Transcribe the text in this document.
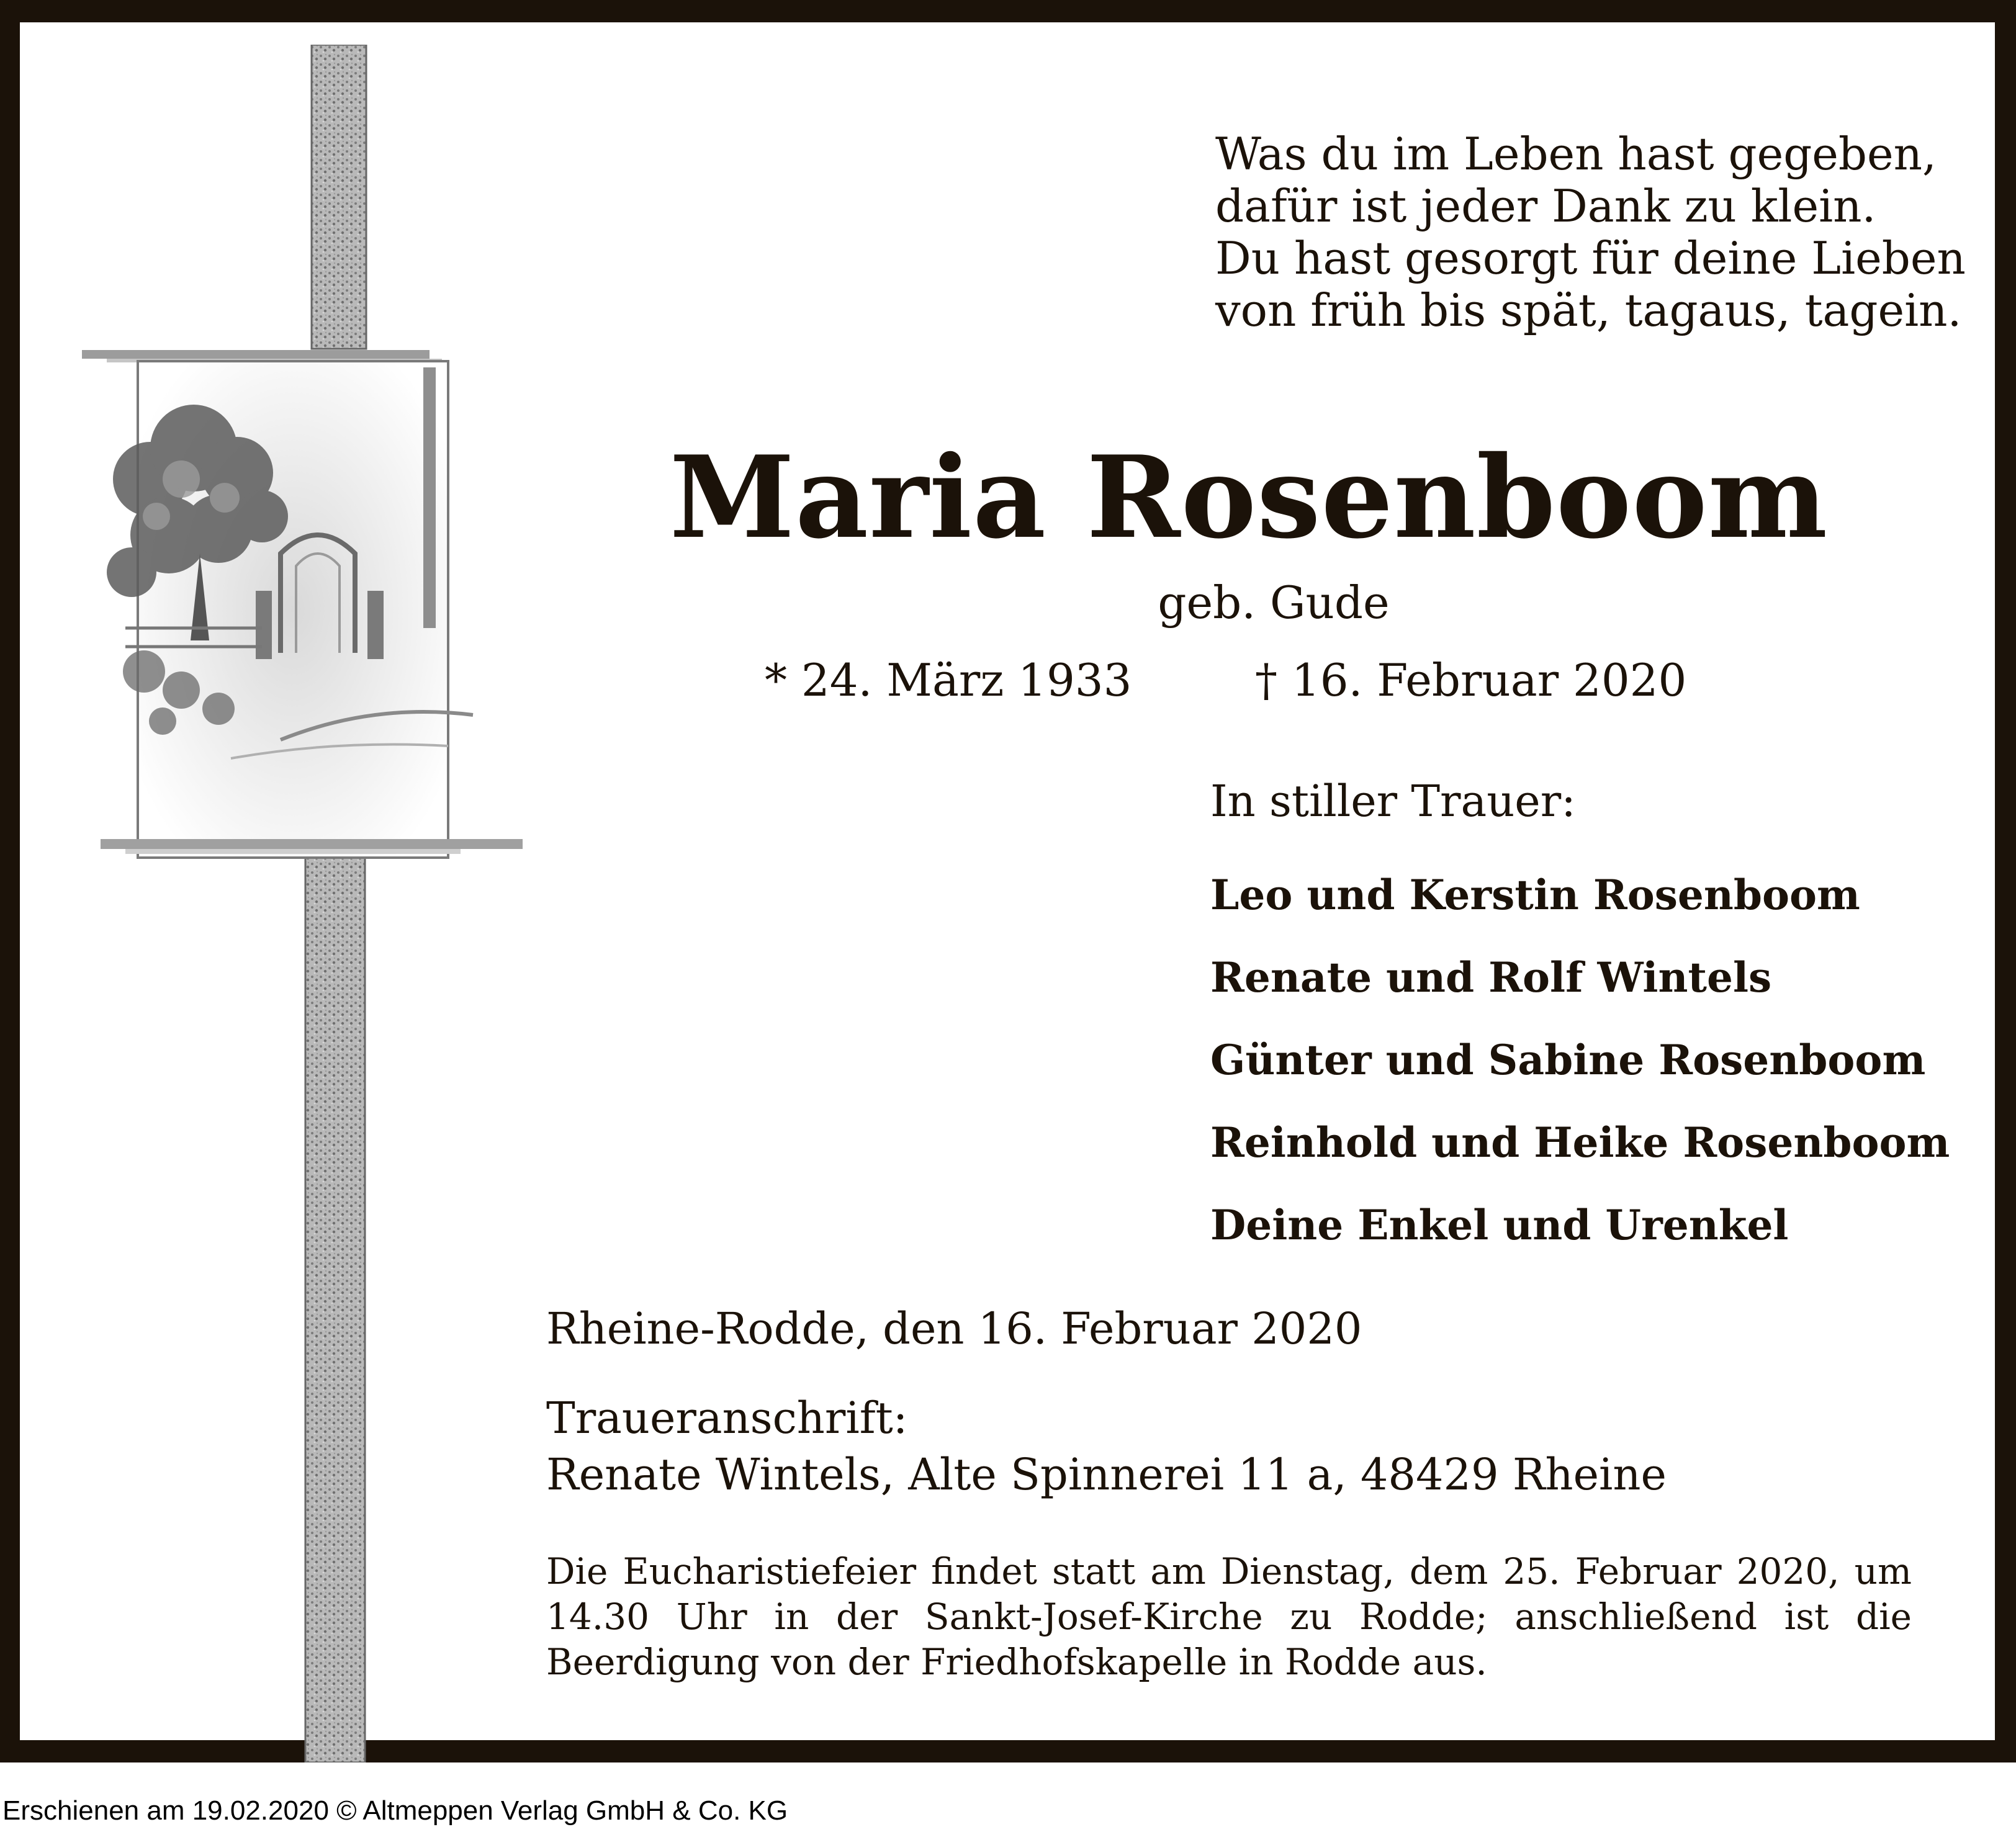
Was du im Leben hast gegeben,
dafür ist jeder Dank zu klein.
Du hast gesorgt für deine Lieben
von früh bis spät, tagaus, tagein.
Maria Rosenboom
geb. Gude
* 24. März 1933	† 16. Februar 2020
In stiller Trauer:
Leo und Kerstin Rosenboom
Renate und Rolf Wintels
Günter und Sabine Rosenboom
Reinhold und Heike Rosenboom
Deine Enkel und Urenkel
Rheine-Rodde, den 16. Februar 2020
Traueranschrift:
Renate Wintels, Alte Spinnerei 11 a, 48429 Rheine
Die Eucharistiefeier findet statt am Dienstag, dem 25. Februar 2020, um
14.30 Uhr in der Sankt-Josef-Kirche zu Rodde; anschließend ist die
Beerdigung von der Friedhofskapelle in Rodde aus.
Erschienen am 19.02.2020 © Altmeppen Verlag GmbH & Co. KG
